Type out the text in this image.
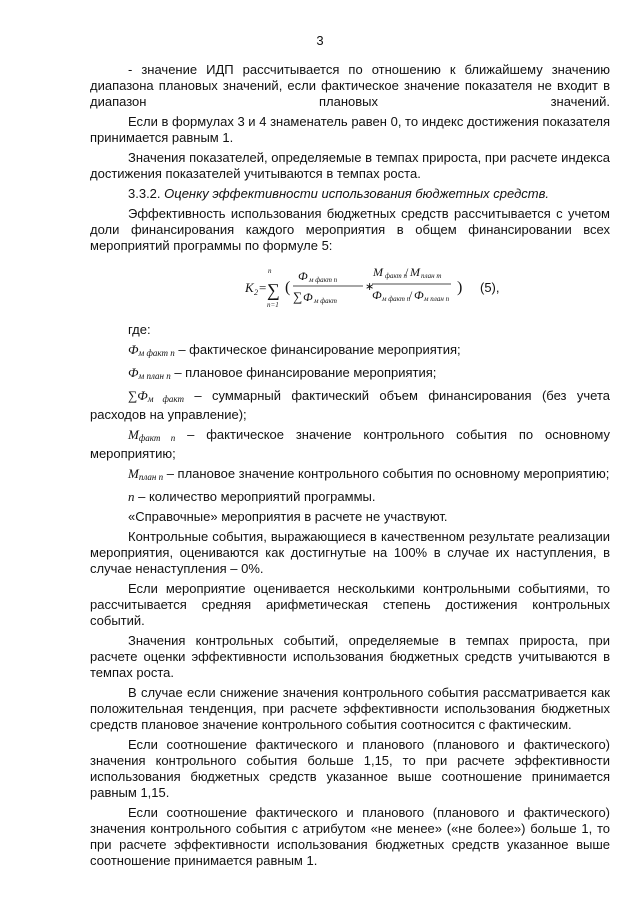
3

- значение ИДП рассчитывается по отношению к ближайшему значению диапазона плановых значений, если фактическое значение показателя не входит в диапазон плановых значений.

Если в формулах 3 и 4 знаменатель равен 0, то индекс достижения показателя принимается равным 1.

Значения показателей, определяемые в темпах прироста, при расчете индекса достижения показателей учитываются в темпах роста.

3.3.2. Оценку эффективности использования бюджетных средств.

Эффективность использования бюджетных средств рассчитывается с учетом доли финансирования каждого мероприятия в общем финансировании всех мероприятий программы по формуле 5:

К 2 =
n
∑
n=1
(
Ф м факт n
∑ Ф м факт
∗
М факт n
/ М план m
Ф м факт n
/ Ф м план n
) (5),

где:

$Ф_{м факт n}$ – фактическое финансирование мероприятия;

$Ф_{м план n}$ – плановое финансирование мероприятия;

$\sum Ф_{м факт}$ – суммарный фактический объем финансирования (без учета расходов на управление);

$М_{факт n}$ – фактическое значение контрольного события по основному мероприятию;

$М_{план n}$ – плановое значение контрольного события по основному мероприятию;

n – количество мероприятий программы.

«Справочные» мероприятия в расчете не участвуют.

Контрольные события, выражающиеся в качественном результате реализации мероприятия, оцениваются как достигнутые на 100% в случае их наступления, в случае ненаступления – 0%.

Если мероприятие оценивается несколькими контрольными событиями, то рассчитывается средняя арифметическая степень достижения контрольных событий.

Значения контрольных событий, определяемые в темпах прироста, при расчете оценки эффективности использования бюджетных средств учитываются в темпах роста.

В случае если снижение значения контрольного события рассматривается как положительная тенденция, при расчете эффективности использования бюджетных средств плановое значение контрольного события соотносится с фактическим.

Если соотношение фактического и планового (планового и фактического) значения контрольного события больше 1,15, то при расчете эффективности использования бюджетных средств указанное выше соотношение принимается равным 1,15.

Если соотношение фактического и планового (планового и фактического) значения контрольного события с атрибутом «не менее» («не более») больше 1, то при расчете эффективности использования бюджетных средств указанное выше соотношение принимается равным 1.
